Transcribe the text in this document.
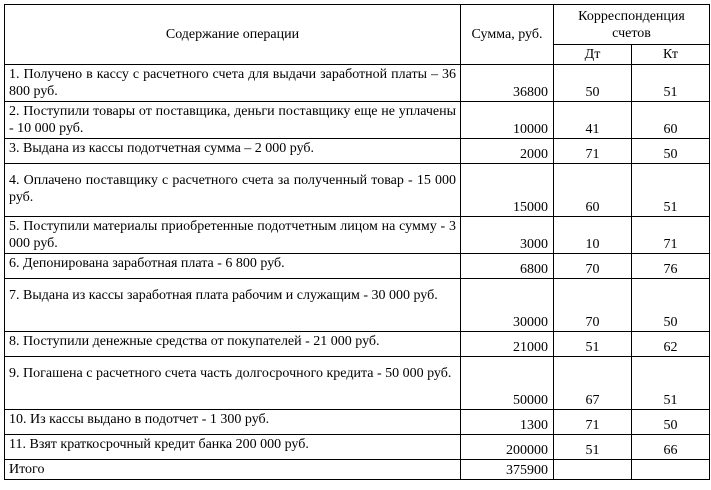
Содержание операции	Сумма, руб.	Корреспонденция счетов	
		Дт	Кт
1. Получено в кассу с расчетного счета для выдачи заработной платы – 36 800 руб.	36800	50	51
2. Поступили товары от поставщика, деньги поставщику еще не уплачены - 10 000 руб.	10000	41	60
3. Выдана из кассы подотчетная сумма – 2 000 руб.	2000	71	50
4. Оплачено поставщику с расчетного счета за полученный товар - 15 000 руб.	15000	60	51
5. Поступили материалы приобретенные подотчетным лицом на сумму - 3 000 руб.	3000	10	71
6. Депонирована заработная плата - 6 800 руб.	6800	70	76
7. Выдана из кассы заработная плата рабочим и служащим - 30 000 руб.	30000	70	50
8. Поступили денежные средства от покупателей - 21 000 руб.	21000	51	62
9. Погашена с расчетного счета часть долгосрочного кредита - 50 000 руб.	50000	67	51
10. Из кассы выдано в подотчет - 1 300 руб.	1300	71	50
11. Взят краткосрочный кредит банка 200 000 руб.	200000	51	66
Итого	375900		
